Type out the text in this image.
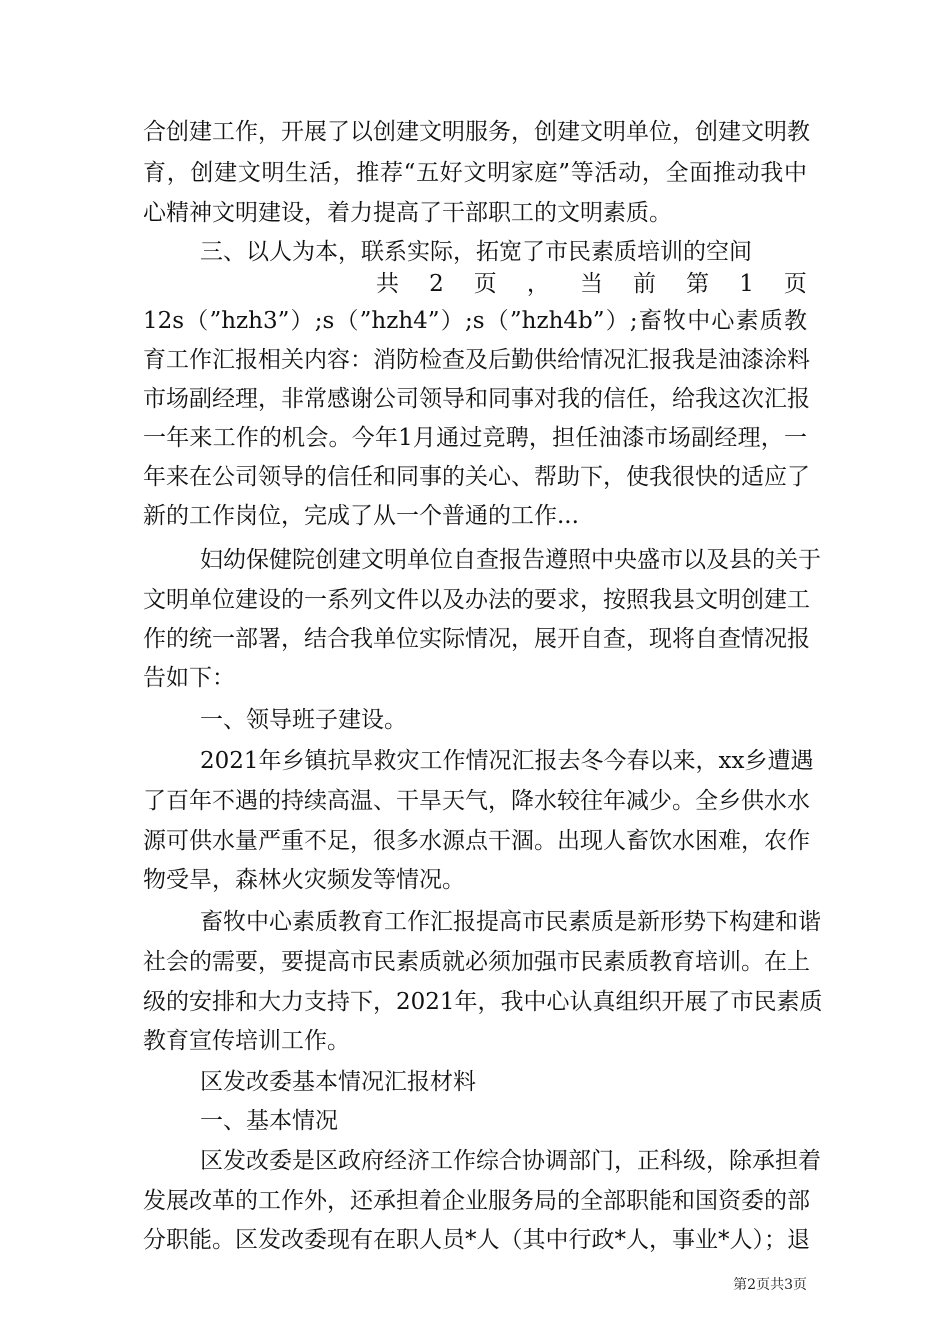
合创建工作，开展了以创建文明服务，创建文明单位，创建文明教
育，创建文明生活，推荐“五好文明家庭”等活动，全面推动我中
心精神文明建设，着力提高了干部职工的文明素质。
三、以人为本，联系实际，拓宽了市民素质培训的空间
共 2 页 ， 当 前 第 1 页
12s（”hzh3”）;s（”hzh4”）;s（”hzh4b”）;畜牧中心素质教
育工作汇报相关内容：消防检查及后勤供给情况汇报我是油漆涂料
市场副经理，非常感谢公司领导和同事对我的信任，给我这次汇报
一年来工作的机会。今年1月通过竞聘，担任油漆市场副经理，一
年来在公司领导的信任和同事的关心、帮助下，使我很快的适应了
新的工作岗位，完成了从一个普通的工作...
妇幼保健院创建文明单位自查报告遵照中央盛市以及县的关于
文明单位建设的一系列文件以及办法的要求，按照我县文明创建工
作的统一部署，结合我单位实际情况，展开自查，现将自查情况报
告如下：
一、领导班子建设。
2021年乡镇抗旱救灾工作情况汇报去冬今春以来，xx乡遭遇
了百年不遇的持续高温、干旱天气，降水较往年减少。全乡供水水
源可供水量严重不足，很多水源点干涸。出现人畜饮水困难，农作
物受旱，森林火灾频发等情况。
畜牧中心素质教育工作汇报提高市民素质是新形势下构建和谐
社会的需要，要提高市民素质就必须加强市民素质教育培训。在上
级的安排和大力支持下，2021年，我中心认真组织开展了市民素质
教育宣传培训工作。
区发改委基本情况汇报材料
一、基本情况
区发改委是区政府经济工作综合协调部门，正科级，除承担着
发展改革的工作外，还承担着企业服务局的全部职能和国资委的部
分职能。区发改委现有在职人员*人（其中行政*人，事业*人）；退
第2页共3页
